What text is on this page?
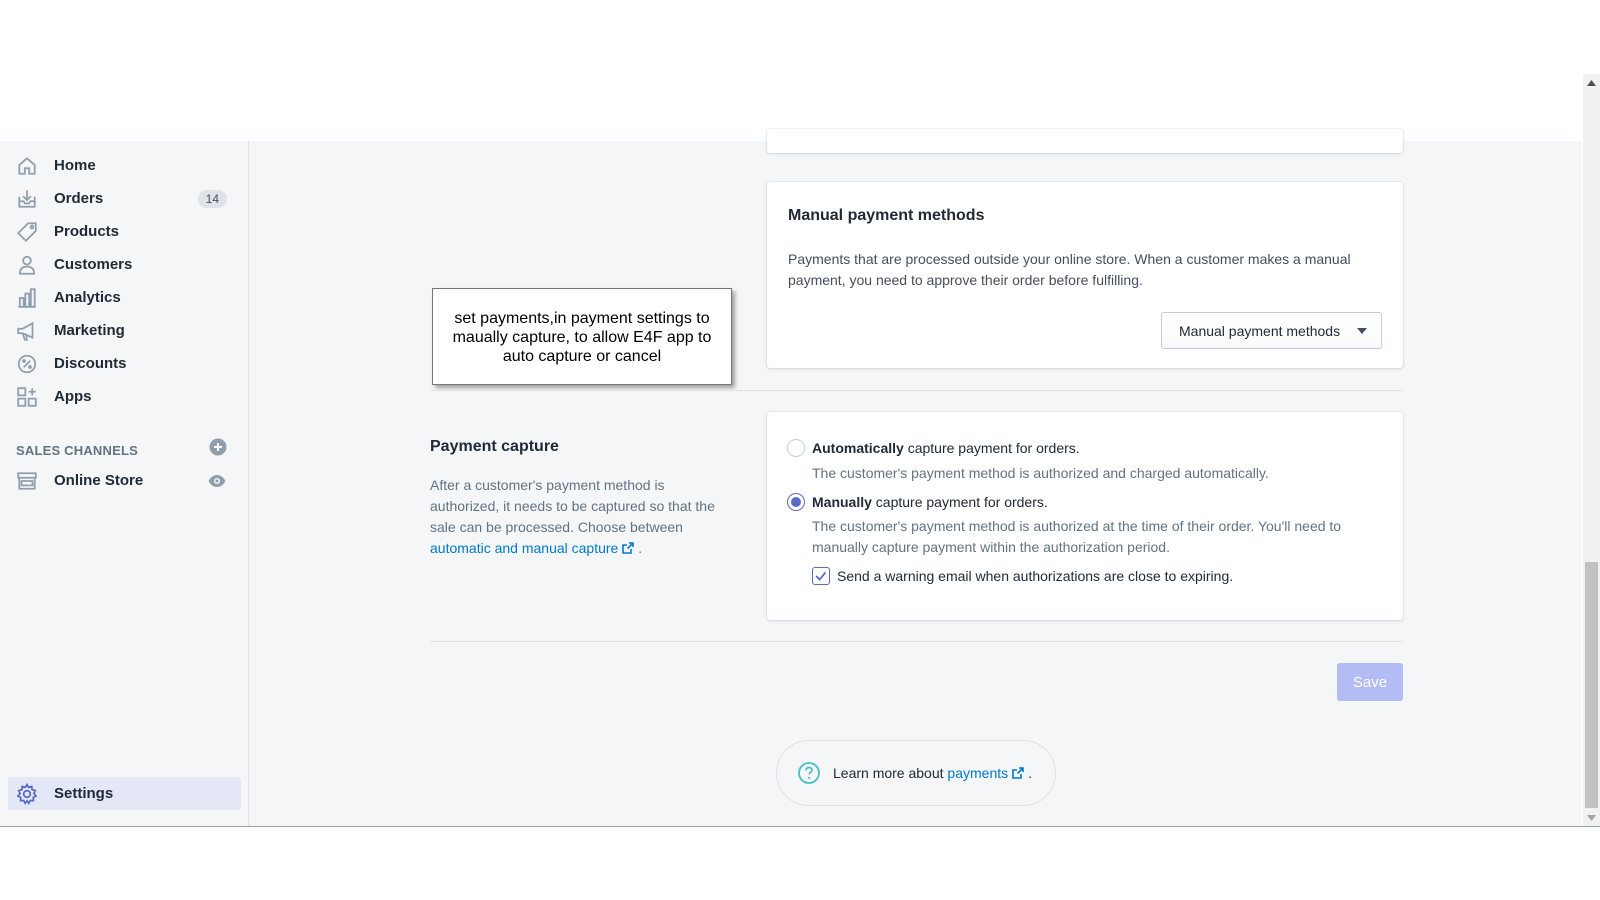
Home
Orders	14
Products
Customers
Analytics
Marketing
Discounts
Apps
SALES CHANNELS
Online Store
Settings
Manual payment methods

Payments that are processed outside your online store. When a customer makes a manual payment, you need to approve their order before fulfilling.

Manual payment methods
set payments,in payment settings to maually capture, to allow E4F app to auto capture or cancel
Payment capture

After a customer's payment method is authorized, it needs to be captured so that the sale can be processed. Choose between automatic and manual capture .

Automatically capture payment for orders.
The customer's payment method is authorized and charged automatically.
Manually capture payment for orders.
The customer's payment method is authorized at the time of their order. You'll need to manually capture payment within the authorization period.
Send a warning email when authorizations are close to expiring.
Save
Learn more about
payments	.
